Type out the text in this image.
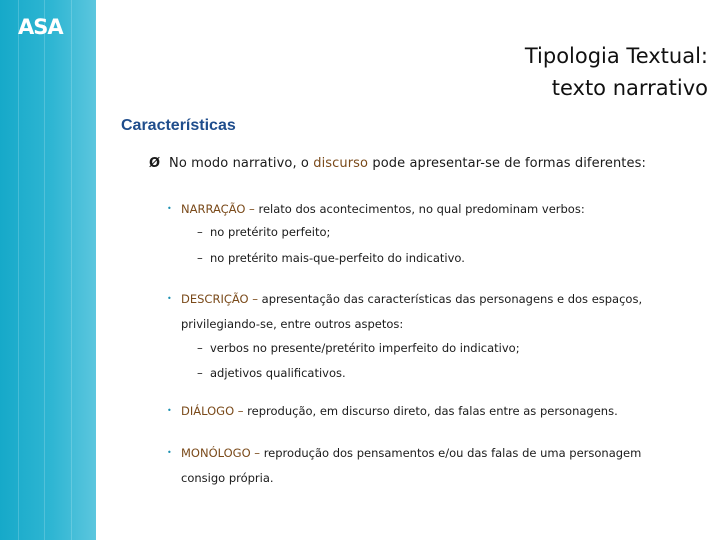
ASA
Tipologia Textual:
texto narrativo
Características
Ø No modo narrativo, o discurso pode apresentar-se de formas diferentes:
• NARRAÇÃO – relato dos acontecimentos, no qual predominam verbos:
– no pretérito perfeito;
– no pretérito mais-que-perfeito do indicativo.
• DESCRIÇÃO – apresentação das características das personagens e dos espaços,
privilegiando-se, entre outros aspetos:
– verbos no presente/pretérito imperfeito do indicativo;
– adjetivos qualificativos.
• DIÁLOGO – reprodução, em discurso direto, das falas entre as personagens.
• MONÓLOGO – reprodução dos pensamentos e/ou das falas de uma personagem
consigo própria.
